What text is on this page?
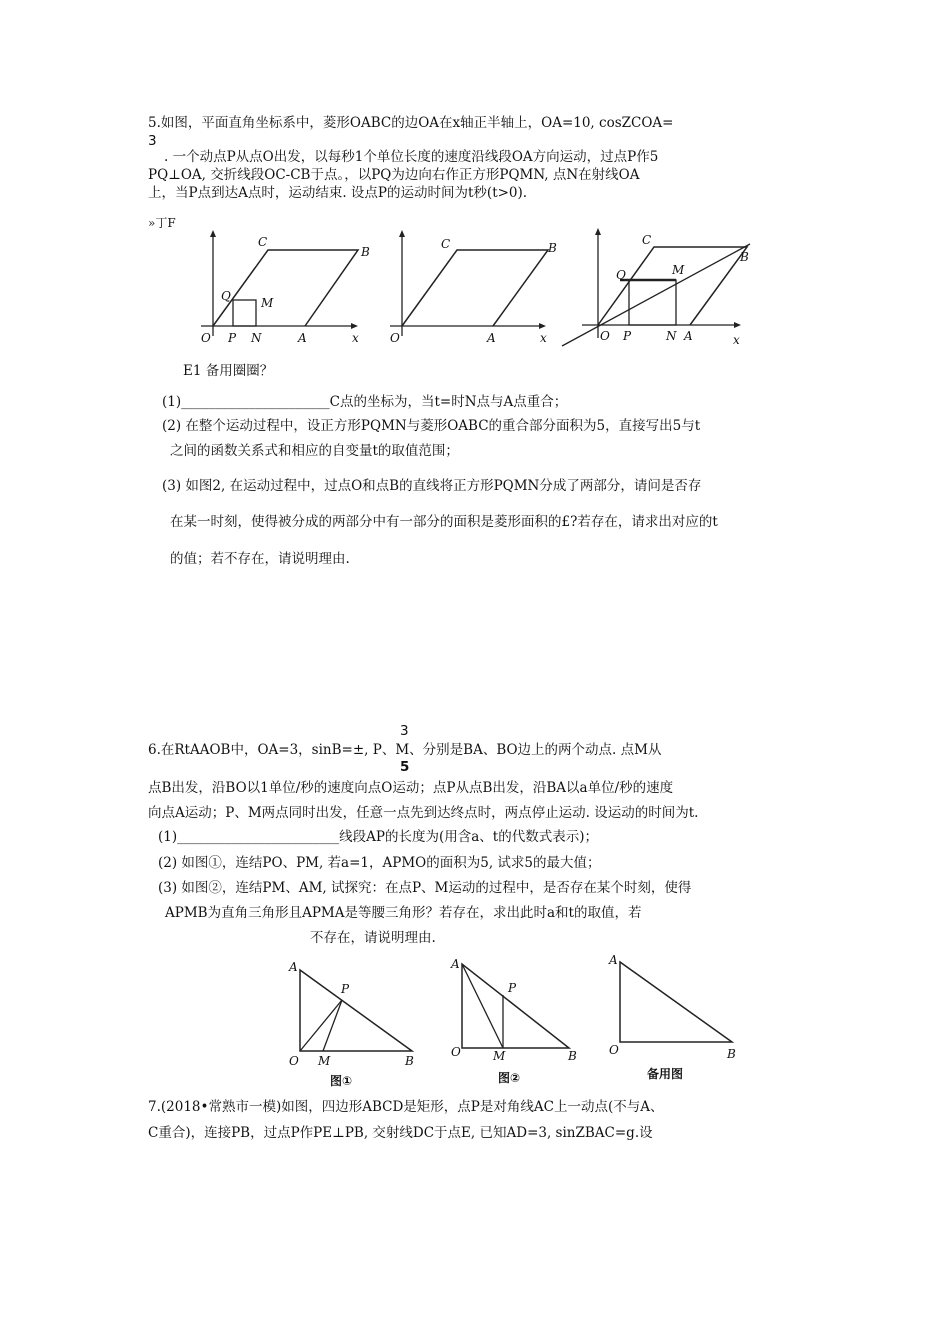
5.如图，平面直角坐标系中，菱形OABC的边OA在x轴正半轴上，OA=10, cosZCOA=
3
. 一个动点P从点O出发，以每秒1个单位长度的速度沿线段OA方向运动，过点P作5
PQ⊥OA, 交折线段OC-CB于点。，以PQ为边向右作正方形PQMN, 点N在射线OA
上，当P点到达A点时，运动结束. 设点P的运动时间为t秒(t>0).
»丁F
C
B
Q	M
O P N	A	x
C	B
O	A	x
C
B
Q	M
O P	N A	x
E1 备用圈圈？
(1)______________________C点的坐标为，当t=时N点与A点重合；
(2) 在整个运动过程中，设正方形PQMN与菱形OABC的重合部分面积为5，直接写出5与t
之间的函数关系式和相应的自变量t的取值范围；
(3) 如图2, 在运动过程中，过点O和点B的直线将正方形PQMN分成了两部分，请问是否存
在某一时刻，使得被分成的两部分中有一部分的面积是菱形面积的£?若存在，请求出对应的t
的值；若不存在，请说明理由.
3
6.在RtAAOB中，OA=3，sinB=±, P、M、分别是BA、BO边上的两个动点. 点M从
5
点B出发，沿BO以1单位/秒的速度向点O运动；点P从点B出发，沿BA以a单位/秒的速度
向点A运动；P、M两点同时出发，任意一点先到达终点时，两点停止运动. 设运动的时间为t.
(1)________________________线段AP的长度为(用含a、t的代数式表示)；
(2) 如图①，连结PO、PM, 若a=1，APMO的面积为5, 试求5的最大值；
(3) 如图②，连结PM、AM, 试探究：在点P、M运动的过程中，是否存在某个时刻，使得
APMB为直角三角形且APMA是等腰三角形？若存在，求出此时a和t的取值，若
不存在，请说明理由.
A
P
O M	B
图①
A
P
O	M	B
图②
A
O	B
备用图
7.(2018•常熟市一模)如图，四边形ABCD是矩形，点P是对角线AC上一动点(不与A、
C重合)，连接PB，过点P作PE⊥PB, 交射线DC于点E, 已知AD=3, sinZBAC=g.设
